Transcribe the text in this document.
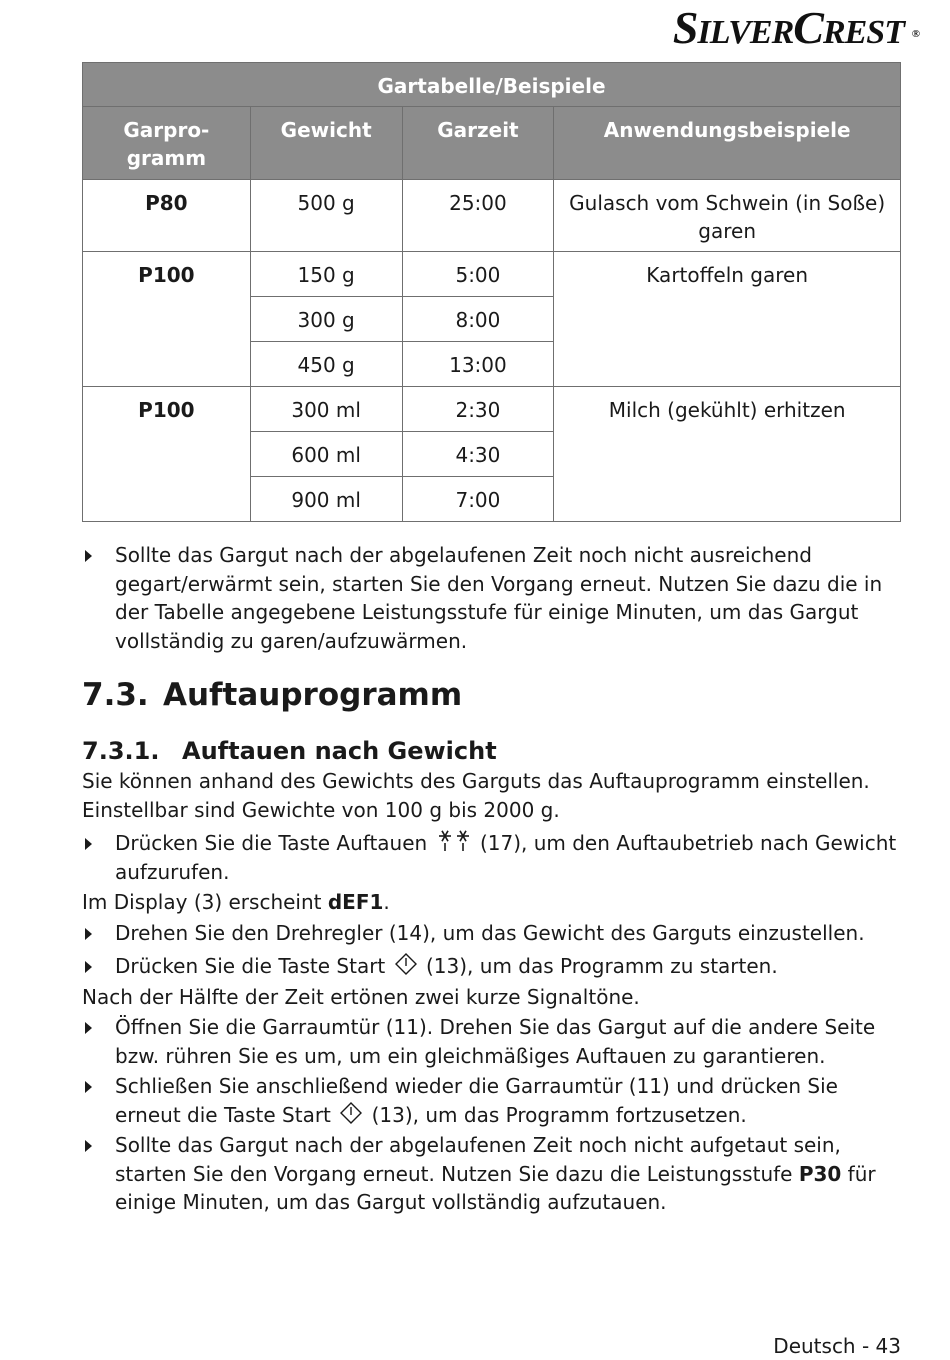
SILVERCREST ®
Gartabelle/Beispiele			
Garpro-
gramm	Gewicht	Garzeit	Anwendungsbeispiele
P80	500 g	25:00	Gulasch vom Schwein (in Soße) garen
P100	150 g	5:00	Kartoffeln garen
	300 g	8:00	
	450 g	13:00	
P100	300 ml	2:30	Milch (gekühlt) erhitzen
	600 ml	4:30	
	900 ml	7:00	

Sollte das Gargut nach der abgelaufenen Zeit noch nicht ausreichend gegart/erwärmt sein, starten Sie den Vorgang erneut. Nutzen Sie dazu die in der Tabelle angegebene Leistungsstufe für einige Minuten, um das Gargut vollständig zu garen/aufzuwärmen.

7.3. Auftauprogramm
7.3.1. Auftauen nach Gewicht

Sie können anhand des Gewichts des Garguts das Auftauprogramm einstellen. Einstellbar sind Gewichte von 100 g bis 2000 g.

Drücken Sie die Taste Auftauen	(17), um den Auftaubetrieb nach Gewicht aufzurufen.

Im Display (3) erscheint dEF1.

Drehen Sie den Drehregler (14), um das Gewicht des Garguts einzustellen.

Drücken Sie die Taste Start (13), um das Programm zu starten.

Nach der Hälfte der Zeit ertönen zwei kurze Signaltöne.

Öffnen Sie die Garraumtür (11). Drehen Sie das Gargut auf die andere Seite bzw. rühren Sie es um, um ein gleichmäßiges Auftauen zu garantieren.

Schließen Sie anschließend wieder die Garraumtür (11) und drücken Sie erneut die Taste Start (13), um das Programm fortzusetzen.

Sollte das Gargut nach der abgelaufenen Zeit noch nicht aufgetaut sein, starten Sie den Vorgang erneut. Nutzen Sie dazu die Leistungsstufe P30 für einige Minuten, um das Gargut vollständig aufzutauen.

Deutsch - 43
